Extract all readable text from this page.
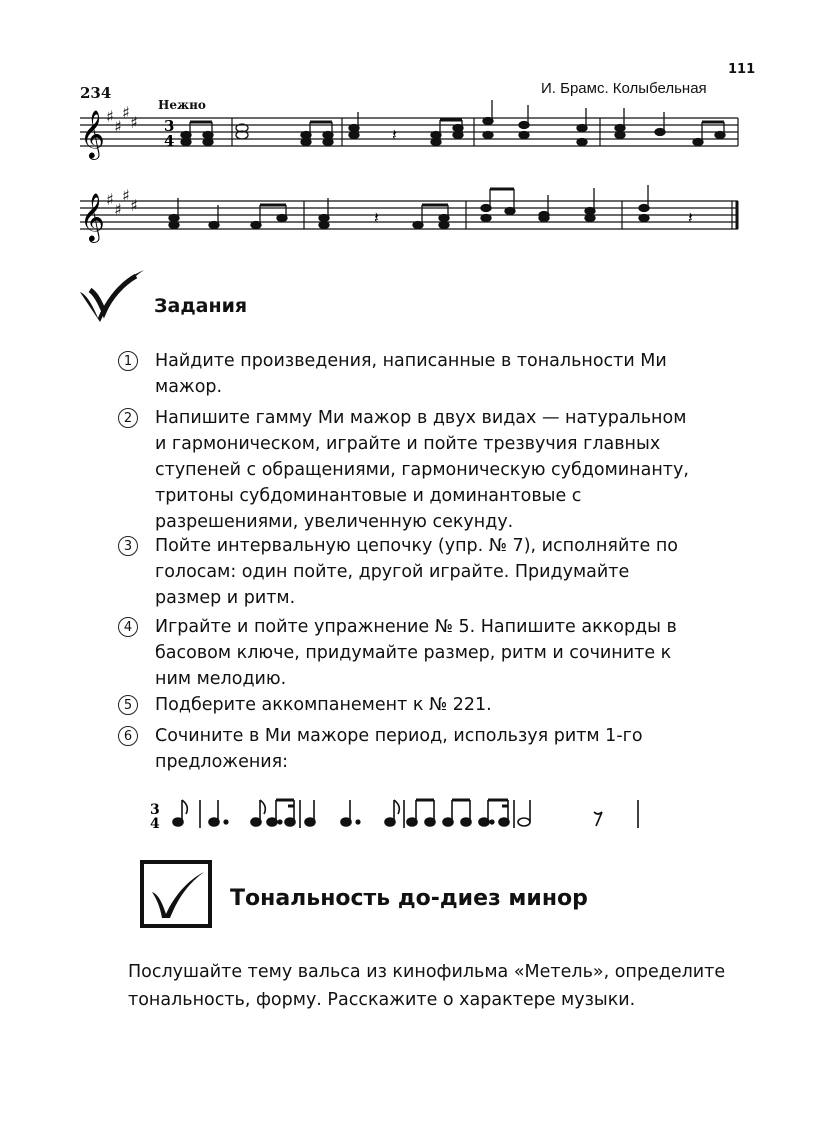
111
234
Нежно
И. Брамс. Колыбельная
𝄞 ♯
♯
♯
♯ 3
4	𝄽
𝄞 ♯
♯
♯
♯
𝄽	𝄽
Задания
1	Найдите произведения, написанные в тональности Ми мажор.
2	Напишите гамму Ми мажор в двух видах — натуральном и гармоническом, играйте и пойте трезвучия главных ступеней с обращениями, гармоническую субдоминанту, тритоны субдоминантовые и доминантовые с разрешениями, увеличенную секунду.
3	Пойте интервальную цепочку (упр. № 7), исполняйте по голосам: один пойте, другой играйте. Придумайте размер и ритм.
4	Играйте и пойте упражнение № 5. Напишите аккорды в басовом ключе, придумайте размер, ритм и сочините к ним мелодию.
5	Подберите аккомпанемент к № 221.
6	Сочините в Ми мажоре период, используя ритм 1-го предложения:
3
4
Тональность до-диез минор
Послушайте тему вальса из кинофильма «Метель», определите тональность, форму. Расскажите о характере музыки.
